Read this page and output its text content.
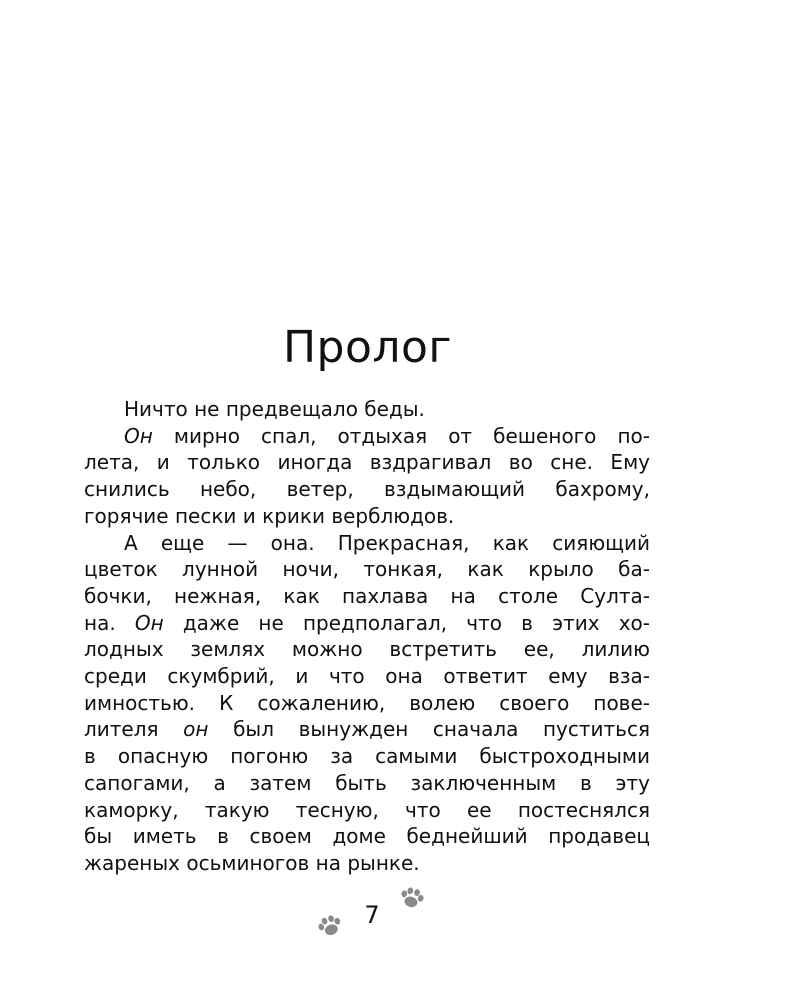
Пролог
Ничто не предвещало беды.
Он мирно спал, отдыхая от бешеного по-
лета, и только иногда вздрагивал во сне. Ему
снились небо, ветер, вздымающий бахрому,
горячие пески и крики верблюдов.
А еще — она. Прекрасная, как сияющий
цветок лунной ночи, тонкая, как крыло ба-
бочки, нежная, как пахлава на столе Султа-
на. Он даже не предполагал, что в этих хо-
лодных землях можно встретить ее, лилию
среди скумбрий, и что она ответит ему вза-
имностью. К сожалению, волею своего пове-
лителя он был вынужден сначала пуститься
в опасную погоню за самыми быстроходными
сапогами, а затем быть заключенным в эту
каморку, такую тесную, что ее постеснялся
бы иметь в своем доме беднейший продавец
жареных осьминогов на рынке.
7
